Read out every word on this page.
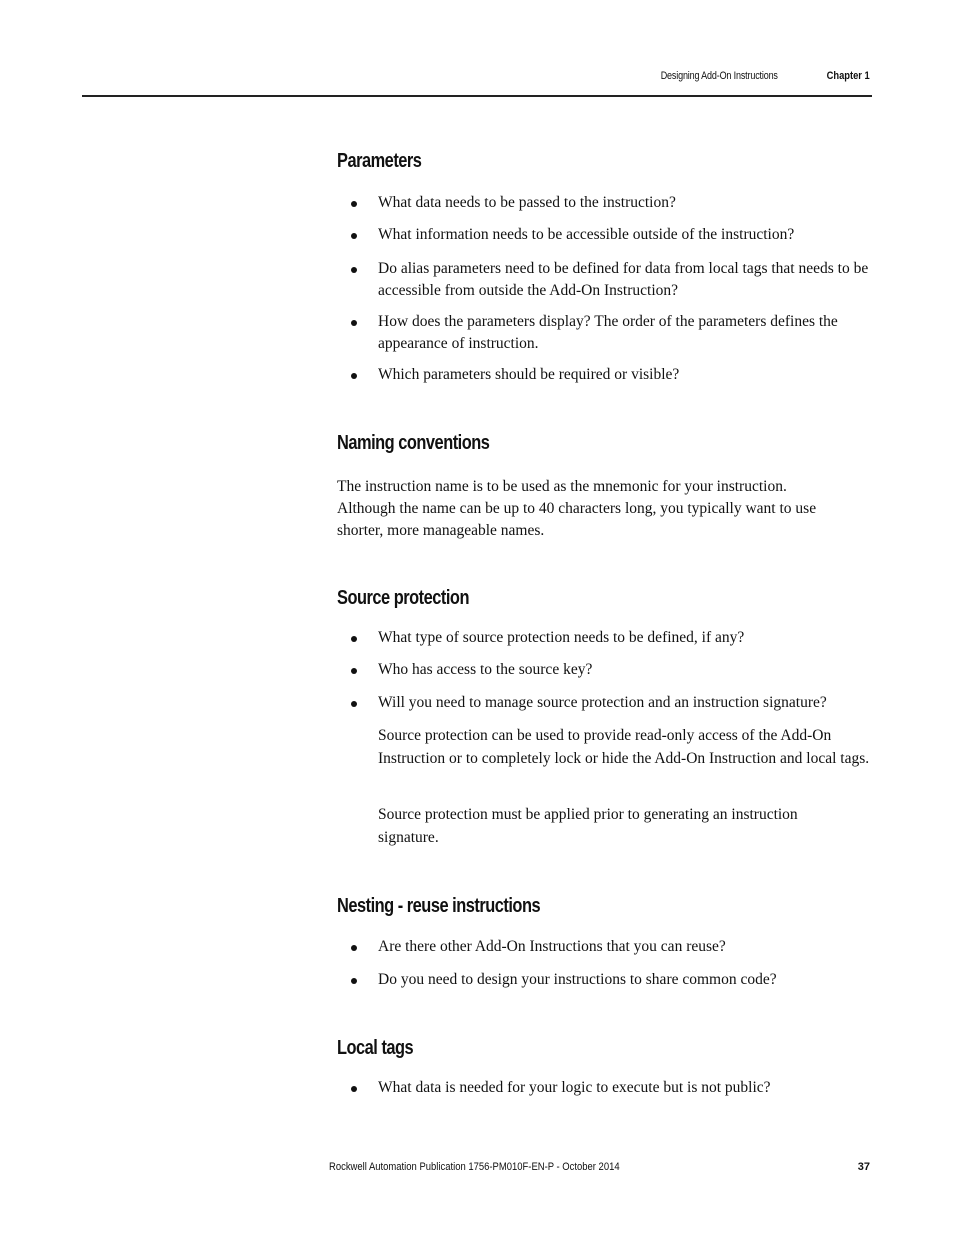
Designing Add-On Instructions	Chapter 1
Parameters
What data needs to be passed to the instruction?
What information needs to be accessible outside of the instruction?
Do alias parameters need to be defined for data from local tags that needs to be accessible from outside the Add-On Instruction?
How does the parameters display? The order of the parameters defines the appearance of instruction.
Which parameters should be required or visible?
Naming conventions
The instruction name is to be used as the mnemonic for your instruction. Although the name can be up to 40 characters long, you typically want to use shorter, more manageable names.
Source protection
What type of source protection needs to be defined, if any?
Who has access to the source key?
Will you need to manage source protection and an instruction signature?
Source protection can be used to provide read-only access of the Add-On Instruction or to completely lock or hide the Add-On Instruction and local tags.
Source protection must be applied prior to generating an instruction signature.
Nesting - reuse instructions
Are there other Add-On Instructions that you can reuse?
Do you need to design your instructions to share common code?
Local tags
What data is needed for your logic to execute but is not public?
Rockwell Automation Publication 1756-PM010F-EN-P - October 2014	37
